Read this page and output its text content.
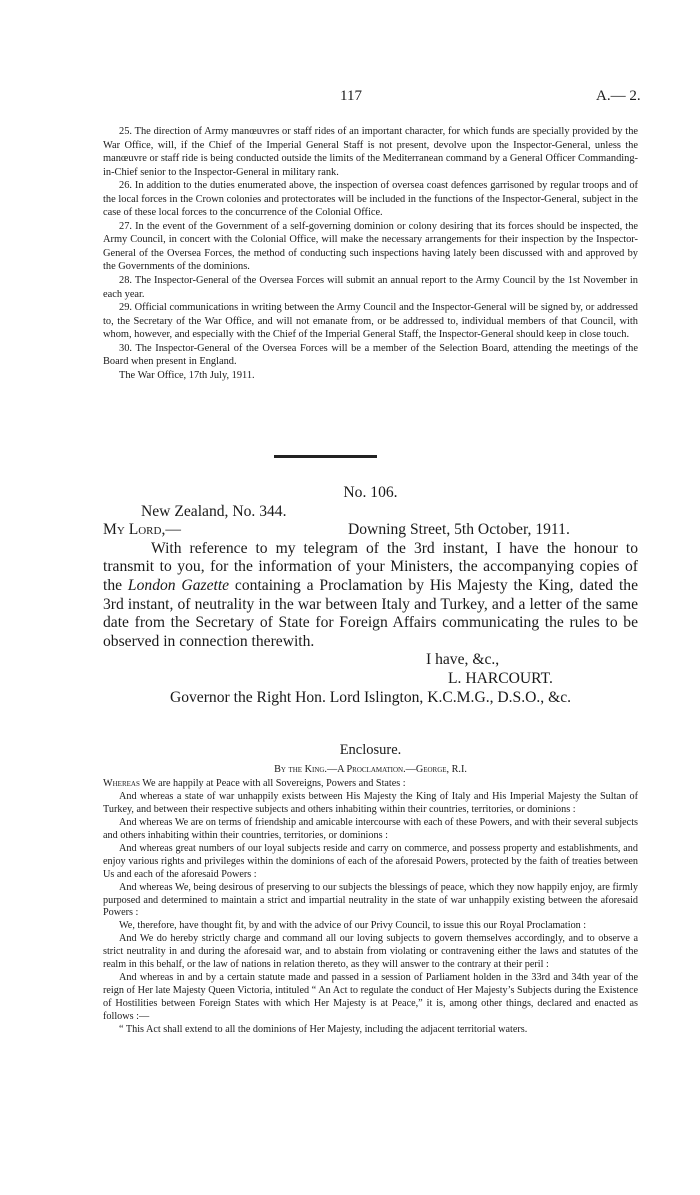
117	A.— 2.

25. The direction of Army manœuvres or staff rides of an important character, for which funds are specially provided by the War Office, will, if the Chief of the Imperial General Staff is not present, devolve upon the Inspector-General, unless the manœuvre or staff ride is being conducted outside the limits of the Mediterranean command by a General Officer Commanding-in-Chief senior to the Inspector-General in military rank.

26. In addition to the duties enumerated above, the inspection of oversea coast defences garrisoned by regular troops and of the local forces in the Crown colonies and protectorates will be included in the functions of the Inspector-General, subject in the case of these local forces to the concurrence of the Colonial Office.

27. In the event of the Government of a self-governing dominion or colony desiring that its forces should be inspected, the Army Council, in concert with the Colonial Office, will make the necessary arrangements for their inspection by the Inspector-General of the Oversea Forces, the method of conducting such inspections having lately been discussed with and approved by the Governments of the dominions.

28. The Inspector-General of the Oversea Forces will submit an annual report to the Army Council by the 1st November in each year.

29. Official communications in writing between the Army Council and the Inspector-General will be signed by, or addressed to, the Secretary of the War Office, and will not emanate from, or be addressed to, individual members of that Council, with whom, however, and especially with the Chief of the Imperial General Staff, the Inspector-General should keep in close touch.

30. The Inspector-General of the Oversea Forces will be a member of the Selection Board, attending the meetings of the Board when present in England.

The War Office, 17th July, 1911.

No. 106.
New Zealand, No. 344.
My Lord,—	Downing Street, 5th October, 1911.

With reference to my telegram of the 3rd instant, I have the honour to transmit to you, for the information of your Ministers, the accompanying copies of the London Gazette containing a Proclamation by His Majesty the King, dated the 3rd instant, of neutrality in the war between Italy and Turkey, and a letter of the same date from the Secretary of State for Foreign Affairs communicating the rules to be observed in connection therewith.

I have, &c.,
L. HARCOURT.
Governor the Right Hon. Lord Islington, K.C.M.G., D.S.O., &c.
Enclosure.
By the King.—A Proclamation.—George, R.I.

Whereas We are happily at Peace with all Sovereigns, Powers and States :

And whereas a state of war unhappily exists between His Majesty the King of Italy and His Imperial Majesty the Sultan of Turkey, and between their respective subjects and others inhabiting within their countries, territories, or dominions :

And whereas We are on terms of friendship and amicable intercourse with each of these Powers, and with their several subjects and others inhabiting within their countries, territories, or dominions :

And whereas great numbers of our loyal subjects reside and carry on commerce, and possess property and establishments, and enjoy various rights and privileges within the dominions of each of the aforesaid Powers, protected by the faith of treaties between Us and each of the aforesaid Powers :

And whereas We, being desirous of preserving to our subjects the blessings of peace, which they now happily enjoy, are firmly purposed and determined to maintain a strict and impartial neutrality in the state of war unhappily existing between the aforesaid Powers :

We, therefore, have thought fit, by and with the advice of our Privy Council, to issue this our Royal Proclamation :

And We do hereby strictly charge and command all our loving subjects to govern themselves accordingly, and to observe a strict neutrality in and during the aforesaid war, and to abstain from violating or contravening either the laws and statutes of the realm in this behalf, or the law of nations in relation thereto, as they will answer to the contrary at their peril :

And whereas in and by a certain statute made and passed in a session of Parliament holden in the 33rd and 34th year of the reign of Her late Majesty Queen Victoria, intituled “ An Act to regulate the conduct of Her Majesty’s Subjects during the Existence of Hostilities between Foreign States with which Her Majesty is at Peace,” it is, among other things, declared and enacted as follows :—

“ This Act shall extend to all the dominions of Her Majesty, including the adjacent territorial waters.
